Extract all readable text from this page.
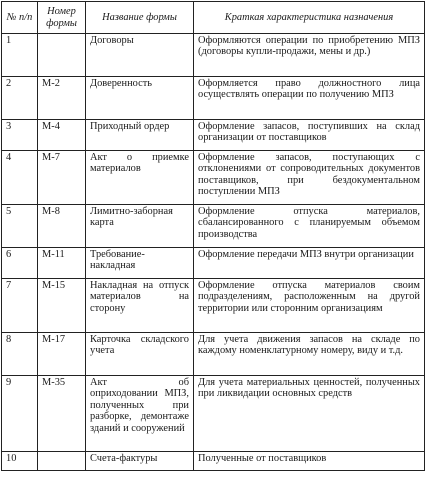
№ п/п	Номер формы	Название формы	Краткая характеристика назначения
1		Договоры	Оформляются операции по приобретению МПЗ (договоры купли-продажи, мены и др.)
2	М-2	Доверенность	Оформляется право должностного лица осуществлять операции по получению МПЗ
3	М-4	Приходный ордер	Оформление запасов, поступивших на склад организации от поставщиков
4	М-7	Акт о приемке материалов	Оформление запасов, поступающих с отклонениями от сопроводительных документов поставщиков, при бездокументальном поступлении МПЗ
5	М-8	Лимитно-заборная карта	Оформление отпуска материалов, сбалансированного с планируемым объемом производства
6	М-11	Требование-накладная	Оформление передачи МПЗ внутри организации
7	М-15	Накладная на отпуск материалов на сторону	Оформление отпуска материалов своим подразделениям, расположенным на другой территории или сторонним организациям
8	М-17	Карточка складского учета	Для учета движения запасов на складе по каждому номенклатурному номеру, виду и т.д.
9	М-35	Акт об оприходовании МПЗ, полученных при разборке, демонтаже зданий и сооружений	Для учета материальных ценностей, полученных при ликвидации основных средств
10		Счета-фактуры	Полученные от поставщиков
